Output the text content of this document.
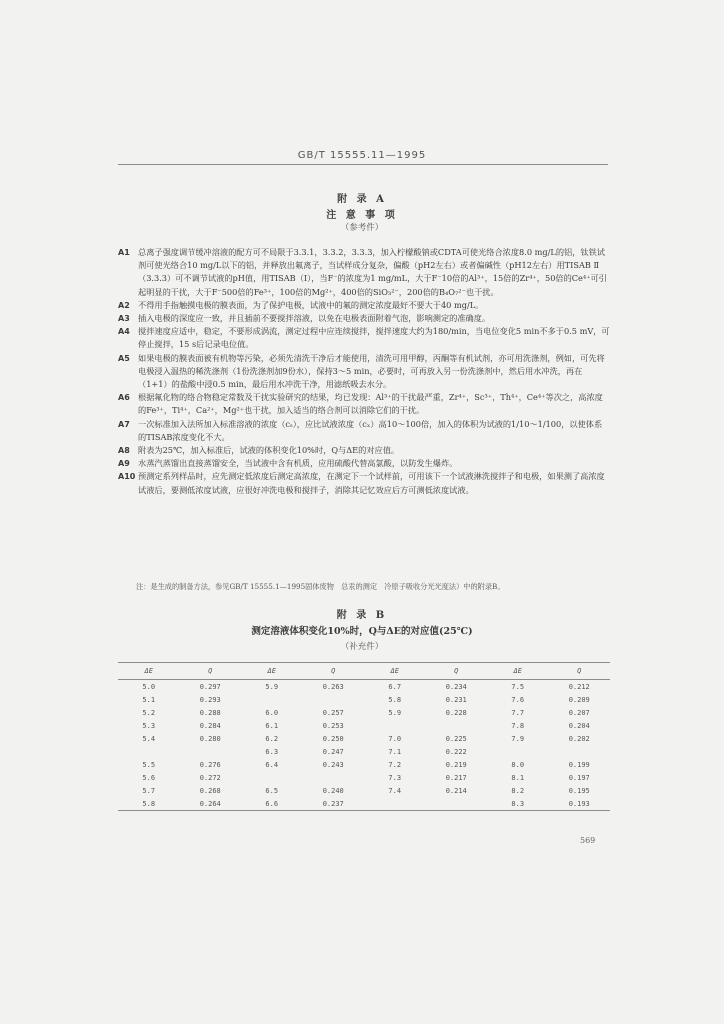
GB/T 15555.11—1995
附 录 A
注 意 事 项
（参考件）

A1 总离子强度调节缓冲溶液的配方可不局限于3.3.1，3.3.2，3.3.3，加入柠檬酸钠或CDTA可使光络合浓度8.0 mg/L的铝，钛铁试剂可使光络合10 mg/L以下的铝，并释放出氟离子，当试样成分复杂，偏酸（pH2左右）或者偏碱性（pH12左右）用TISAB Ⅱ（3.3.3）可不调节试液的pH值，用TISAB（Ⅰ），当F⁻的浓度为1 mg/mL，大于F⁻10倍的Al³⁺，15倍的Zr⁴⁺，50倍的Ce⁴⁺可引起明显的干扰，大于F⁻500倍的Fe³⁺，100倍的Mg²⁺，400倍的SiO₃²⁻，200倍的B₄O₇²⁻也干扰。

A2 不得用手指触摸电极的膜表面，为了保护电极，试液中的氟的测定浓度最好不要大于40 mg/L。

A3 插入电极的深度应一致，并且插前不要搅拌溶液，以免在电极表面附着气泡，影响测定的准确度。

A4 搅拌速度应适中，稳定，不要形成涡流，测定过程中应连续搅拌，搅拌速度大约为180/min，当电位变化5 min不多于0.5 mV，可停止搅拌，15 s后记录电位值。

A5 如果电极的膜表面被有机物等污染，必须先清洗干净后才能使用，清洗可用甲醇，丙酮等有机试剂，亦可用洗涤剂，例如，可先将电极浸入温热的稀洗涤剂（1份洗涤剂加9份水），保持3～5 min，必要时，可再放入另一份洗涤剂中，然后用水冲洗，再在（1+1）的盐酸中浸0.5 min，最后用水冲洗干净，用滤纸吸去水分。

A6 根据氟化物的络合物稳定常数及干扰实验研究的结果，均已发现：Al³⁺的干扰最严重，Zr⁴⁺，Sc³⁺，Th⁴⁺，Ce⁴⁺等次之，高浓度的Fe³⁺，Ti⁴⁺，Ca²⁺，Mg²⁺也干扰，加入适当的络合剂可以消除它们的干扰。

A7 一次标准加入法所加入标准溶液的浓度（cₛ），应比试液浓度（cₓ）高10～100倍，加入的体积为试液的1/10～1/100，以使体系的TISAB浓度变化不大。

A8 附表为25℃，加入标准后，试液的体积变化10%时，Q与ΔE的对应值。

A9 水蒸汽蒸馏出直接蒸馏安全，当试液中含有机质，应用硫酸代替高氯酸，以防发生爆炸。

A10 预测定系列样品时，应先测定低浓度后测定高浓度，在测定下一个试样前，可用该下一个试液淋洗搅拌子和电极，如果测了高浓度试液后，要测低浓度试液，应很好冲洗电极和搅拌子，消除其记忆效应后方可测低浓度试液。

注：是生成的制备方法，参见GB/T 15555.1—1995固体废物　总汞的测定　冷原子吸收分光光度法）中的附录B。
附 录 B
测定溶液体积变化10%时，Q与ΔE的对应值(25℃)
（补充件）
ΔE	Q	ΔE	Q	ΔE	Q	ΔE	Q
5.0	0.297	5.9	0.263	6.7	0.234	7.5	0.212
5.1	0.293			5.8	0.231	7.6	0.209
5.2	0.288	6.0	0.257	5.9	0.228	7.7	0.207
5.3	0.284	6.1	0.253			7.8	0.204
5.4	0.280	6.2	0.250	7.0	0.225	7.9	0.202
		6.3	0.247	7.1	0.222		
5.5	0.276	6.4	0.243	7.2	0.219	8.0	0.199
5.6	0.272			7.3	0.217	8.1	0.197
5.7	0.268	6.5	0.240	7.4	0.214	8.2	0.195
5.8	0.264	6.6	0.237			8.3	0.193
569
